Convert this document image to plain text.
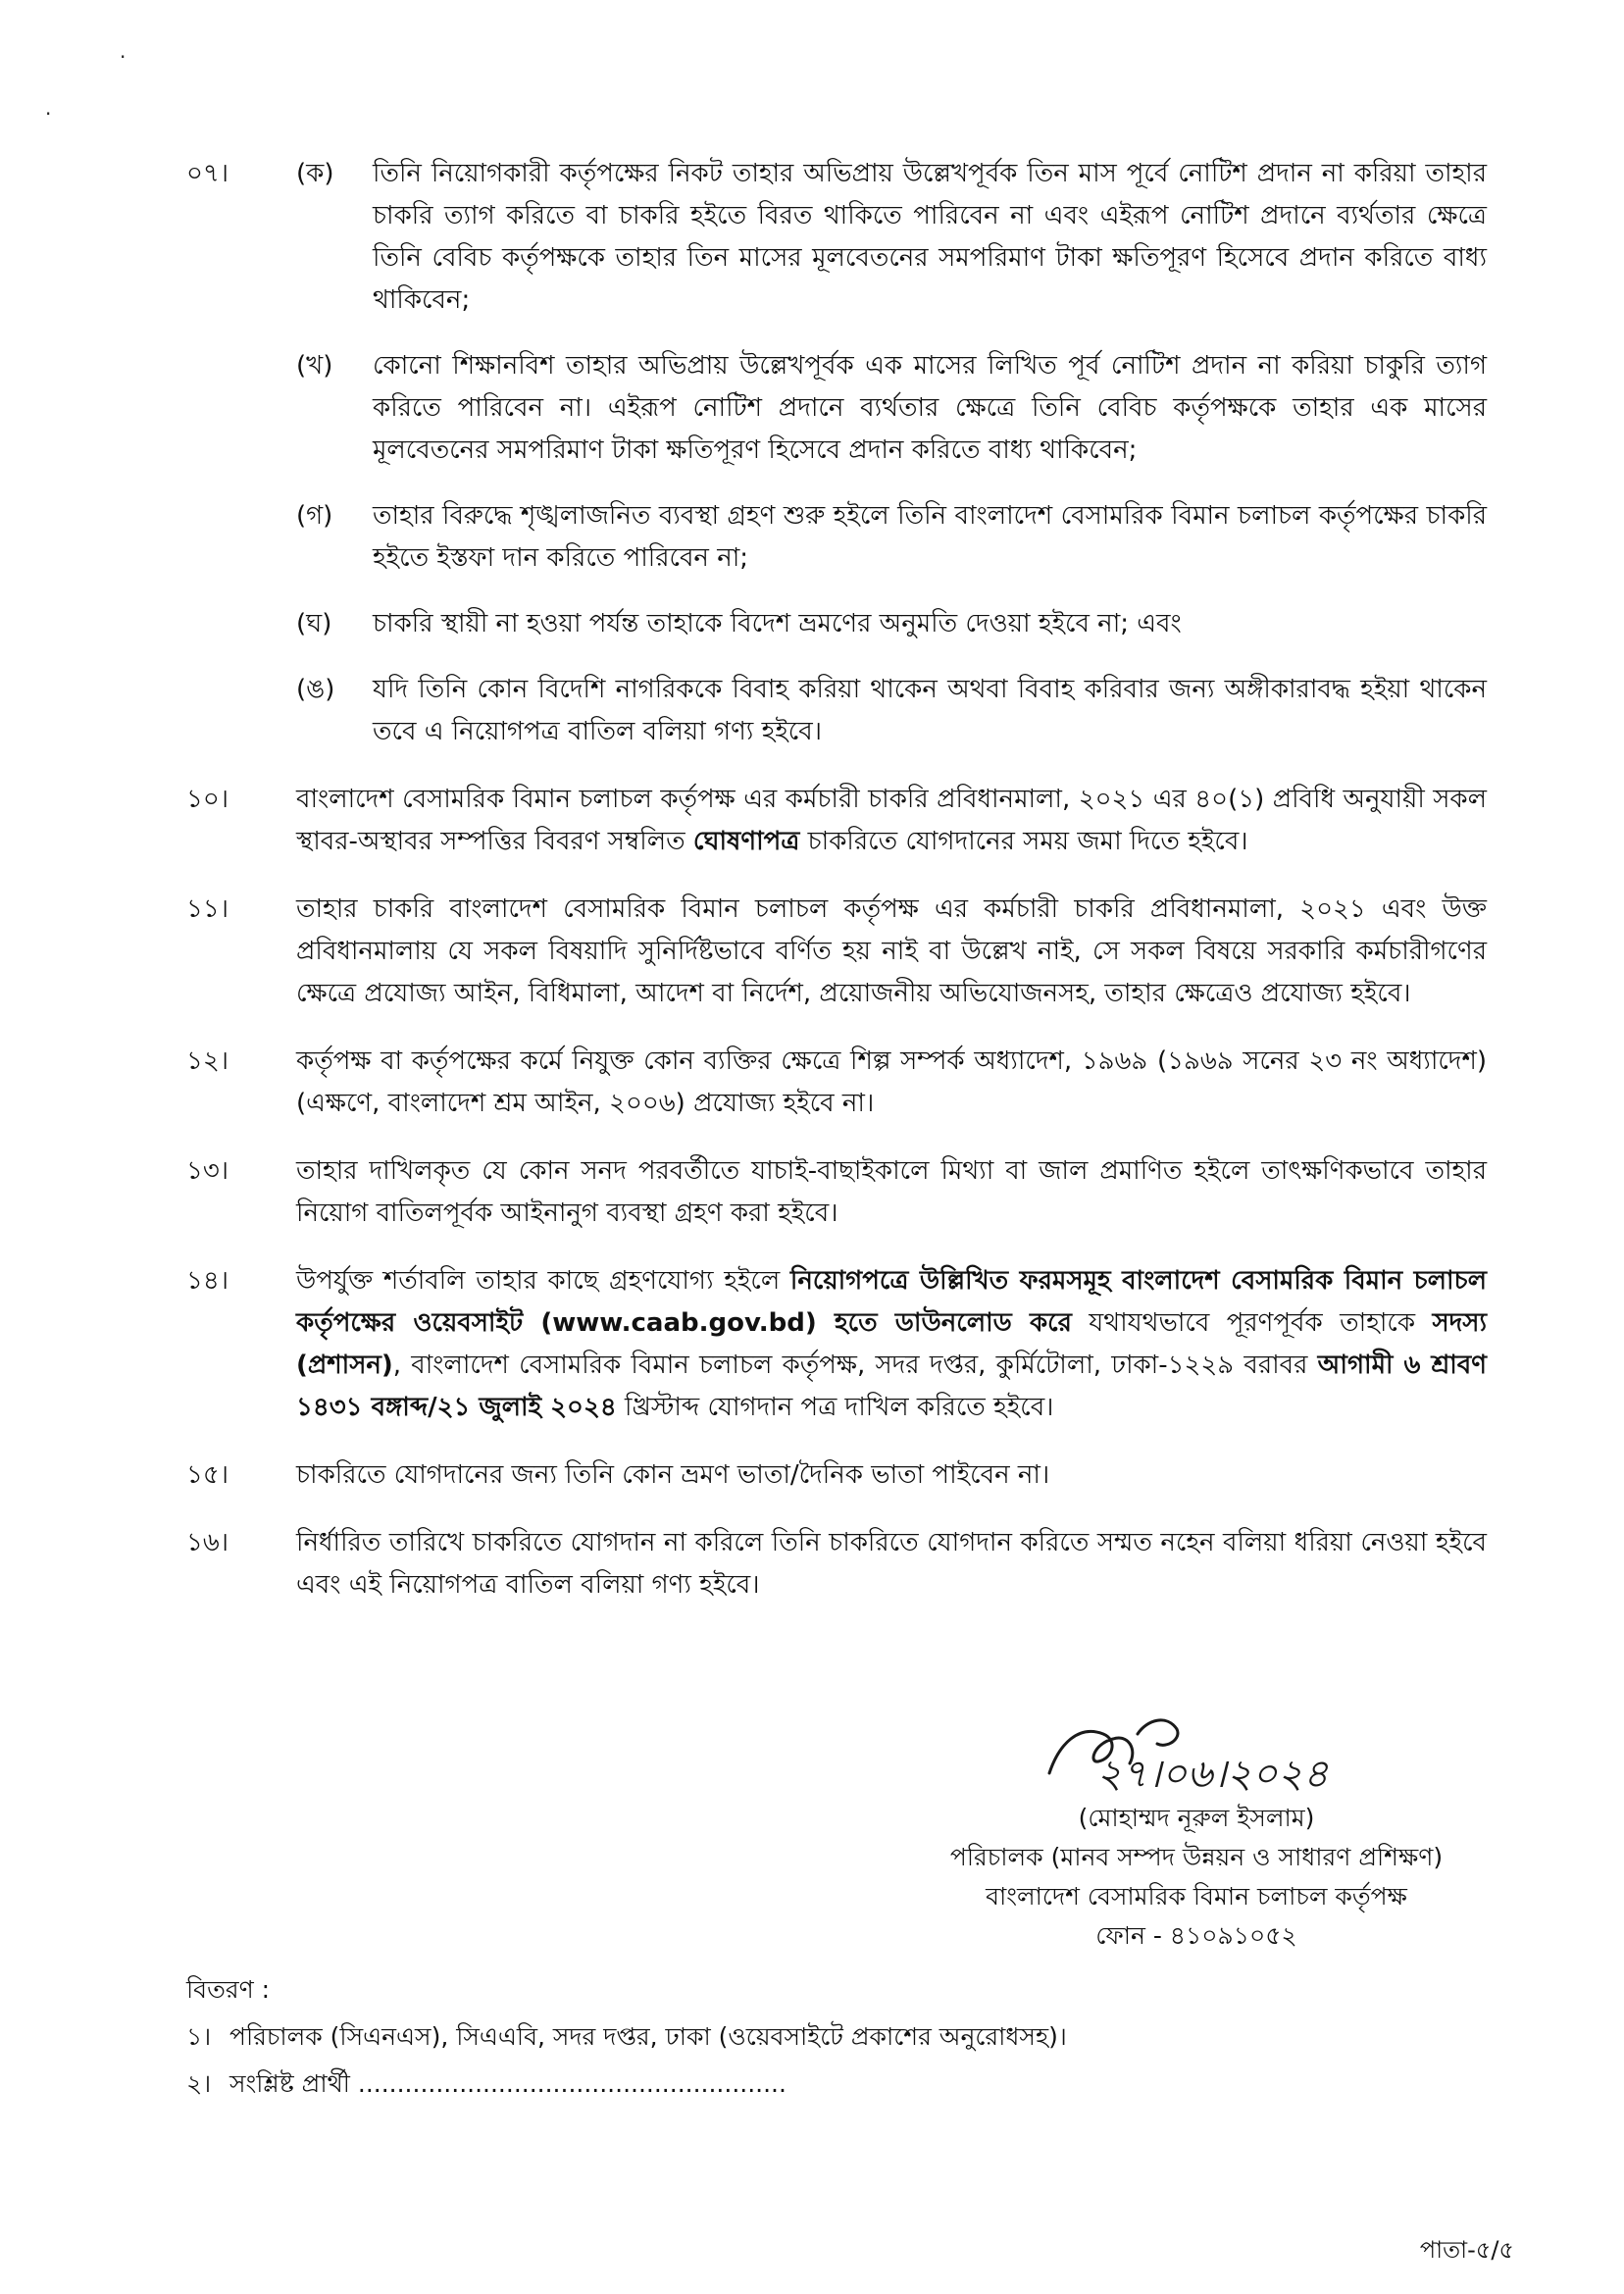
·
·
০৭।	(ক)	তিনি নিয়োগকারী কর্তৃপক্ষের নিকট তাহার অভিপ্রায় উল্লেখপূর্বক তিন মাস পূর্বে নোটিশ প্রদান না করিয়া তাহার চাকরি ত্যাগ করিতে বা চাকরি হইতে বিরত থাকিতে পারিবেন না এবং এইরূপ নোটিশ প্রদানে ব্যর্থতার ক্ষেত্রে তিনি বেবিচ কর্তৃপক্ষকে তাহার তিন মাসের মূলবেতনের সমপরিমাণ টাকা ক্ষতিপূরণ হিসেবে প্রদান করিতে বাধ্য থাকিবেন;
(খ)	কোনো শিক্ষানবিশ তাহার অভিপ্রায় উল্লেখপূর্বক এক মাসের লিখিত পূর্ব নোটিশ প্রদান না করিয়া চাকুরি ত্যাগ করিতে পারিবেন না। এইরূপ নোটিশ প্রদানে ব্যর্থতার ক্ষেত্রে তিনি বেবিচ কর্তৃপক্ষকে তাহার এক মাসের মূলবেতনের সমপরিমাণ টাকা ক্ষতিপূরণ হিসেবে প্রদান করিতে বাধ্য থাকিবেন;
(গ)	তাহার বিরুদ্ধে শৃঙ্খলাজনিত ব্যবস্থা গ্রহণ শুরু হইলে তিনি বাংলাদেশ বেসামরিক বিমান চলাচল কর্তৃপক্ষের চাকরি হইতে ইস্তফা দান করিতে পারিবেন না;
(ঘ)	চাকরি স্থায়ী না হওয়া পর্যন্ত তাহাকে বিদেশ ভ্রমণের অনুমতি দেওয়া হইবে না; এবং
(ঙ)	যদি তিনি কোন বিদেশি নাগরিককে বিবাহ করিয়া থাকেন অথবা বিবাহ করিবার জন্য অঙ্গীকারাবদ্ধ হইয়া থাকেন তবে এ নিয়োগপত্র বাতিল বলিয়া গণ্য হইবে।
১০।	বাংলাদেশ বেসামরিক বিমান চলাচল কর্তৃপক্ষ এর কর্মচারী চাকরি প্রবিধানমালা, ২০২১ এর ৪০(১) প্রবিধি অনুযায়ী সকল স্থাবর-অস্থাবর সম্পত্তির বিবরণ সম্বলিত ঘোষণাপত্র চাকরিতে যোগদানের সময় জমা দিতে হইবে।
১১।	তাহার চাকরি বাংলাদেশ বেসামরিক বিমান চলাচল কর্তৃপক্ষ এর কর্মচারী চাকরি প্রবিধানমালা, ২০২১ এবং উক্ত প্রবিধানমালায় যে সকল বিষয়াদি সুনির্দিষ্টভাবে বর্ণিত হয় নাই বা উল্লেখ নাই, সে সকল বিষয়ে সরকারি কর্মচারীগণের ক্ষেত্রে প্রযোজ্য আইন, বিধিমালা, আদেশ বা নির্দেশ, প্রয়োজনীয় অভিযোজনসহ, তাহার ক্ষেত্রেও প্রযোজ্য হইবে।
১২।	কর্তৃপক্ষ বা কর্তৃপক্ষের কর্মে নিযুক্ত কোন ব্যক্তির ক্ষেত্রে শিল্প সম্পর্ক অধ্যাদেশ, ১৯৬৯ (১৯৬৯ সনের ২৩ নং অধ্যাদেশ) (এক্ষণে, বাংলাদেশ শ্রম আইন, ২০০৬) প্রযোজ্য হইবে না।
১৩।	তাহার দাখিলকৃত যে কোন সনদ পরবর্তীতে যাচাই-বাছাইকালে মিথ্যা বা জাল প্রমাণিত হইলে তাৎক্ষণিকভাবে তাহার নিয়োগ বাতিলপূর্বক আইনানুগ ব্যবস্থা গ্রহণ করা হইবে।
১৪।	উপর্যুক্ত শর্তাবলি তাহার কাছে গ্রহণযোগ্য হইলে নিয়োগপত্রে উল্লিখিত ফরমসমূহ বাংলাদেশ বেসামরিক বিমান চলাচল কর্তৃপক্ষের ওয়েবসাইট (www.caab.gov.bd) হতে ডাউনলোড করে যথাযথভাবে পূরণপূর্বক তাহাকে সদস্য (প্রশাসন), বাংলাদেশ বেসামরিক বিমান চলাচল কর্তৃপক্ষ, সদর দপ্তর, কুর্মিটোলা, ঢাকা-১২২৯ বরাবর আগামী ৬ শ্রাবণ ১৪৩১ বঙ্গাব্দ/২১ জুলাই ২০২৪ খ্রিস্টাব্দ যোগদান পত্র দাখিল করিতে হইবে।
১৫।	চাকরিতে যোগদানের জন্য তিনি কোন ভ্রমণ ভাতা/দৈনিক ভাতা পাইবেন না।
১৬।	নির্ধারিত তারিখে চাকরিতে যোগদান না করিলে তিনি চাকরিতে যোগদান করিতে সম্মত নহেন বলিয়া ধরিয়া নেওয়া হইবে এবং এই নিয়োগপত্র বাতিল বলিয়া গণ্য হইবে।
২৭।০৬।২০২৪
(মোহাম্মদ নূরুল ইসলাম)
পরিচালক (মানব সম্পদ উন্নয়ন ও সাধারণ প্রশিক্ষণ)
বাংলাদেশ বেসামরিক বিমান চলাচল কর্তৃপক্ষ
ফোন - ৪১০৯১০৫২
বিতরণ :
১। পরিচালক (সিএনএস), সিএএবি, সদর দপ্তর, ঢাকা (ওয়েবসাইটে প্রকাশের অনুরোধসহ)।
২। সংশ্লিষ্ট প্রার্থী .......................................................
পাতা-৫/৫
